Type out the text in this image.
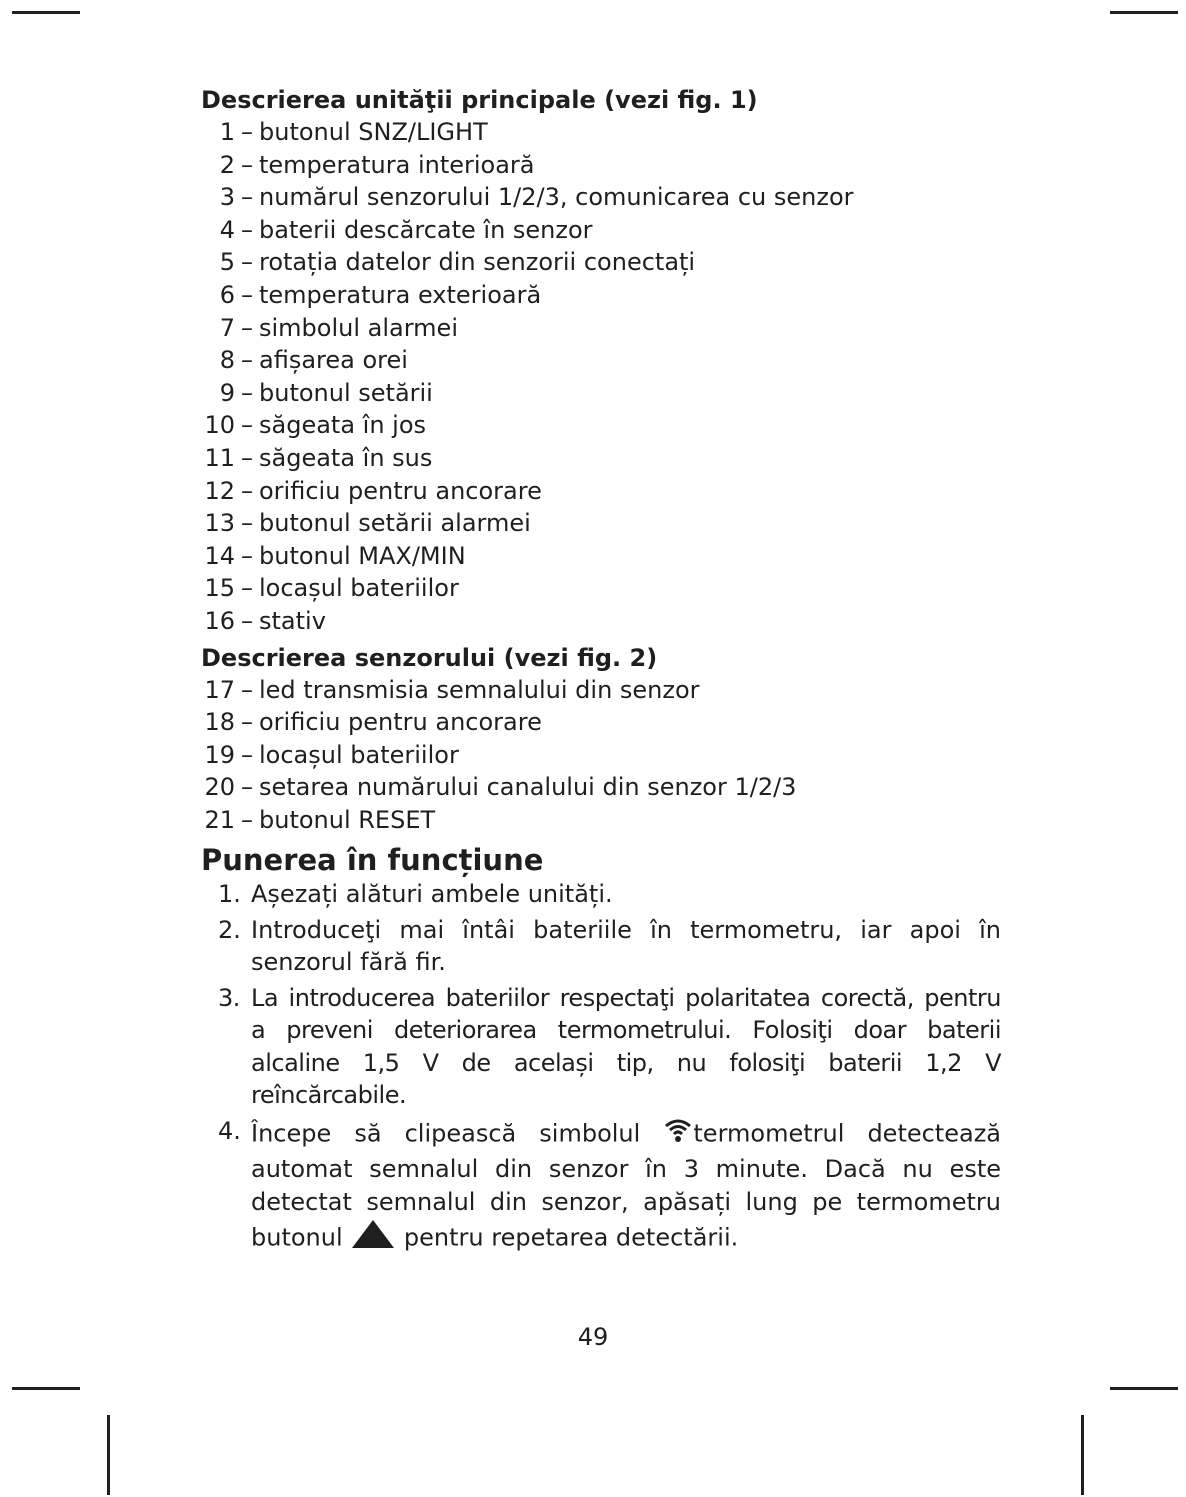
Descrierea unităţii principale (vezi fig. 1)
1 – butonul SNZ/LIGHT
2 – temperatura interioară
3 – numărul senzorului 1/2/3, comunicarea cu senzor
4 – baterii descărcate în senzor
5 – rotația datelor din senzorii conectați
6 – temperatura exterioară
7 – simbolul alarmei
8 – afișarea orei
9 – butonul setării
10 – săgeata în jos
11 – săgeata în sus
12 – orificiu pentru ancorare
13 – butonul setării alarmei
14 – butonul MAX/MIN
15 – locașul bateriilor
16 – stativ
Descrierea senzorului (vezi fig. 2)
17 – led transmisia semnalului din senzor
18 – orificiu pentru ancorare
19 – locașul bateriilor
20 – setarea numărului canalului din senzor 1/2/3
21 – butonul RESET
Punerea în funcțiune
1. Așezați alături ambele unități.
2. Introduceţi mai întâi bateriile în termometru, iar apoi în senzorul fără fir.
3. La introducerea bateriilor respectaţi polaritatea corectă, pentru a preveni deteriorarea termometrului. Folosiţi doar baterii alcaline 1,5 V de același tip, nu folosiţi baterii 1,2 V reîncărcabile.
4. Începe să clipească simbolul termometrul detectează automat semnalul din senzor în 3 minute. Dacă nu este detectat semnalul din senzor, apăsați lung pe termometru butonul	pentru repetarea detectării.
49
